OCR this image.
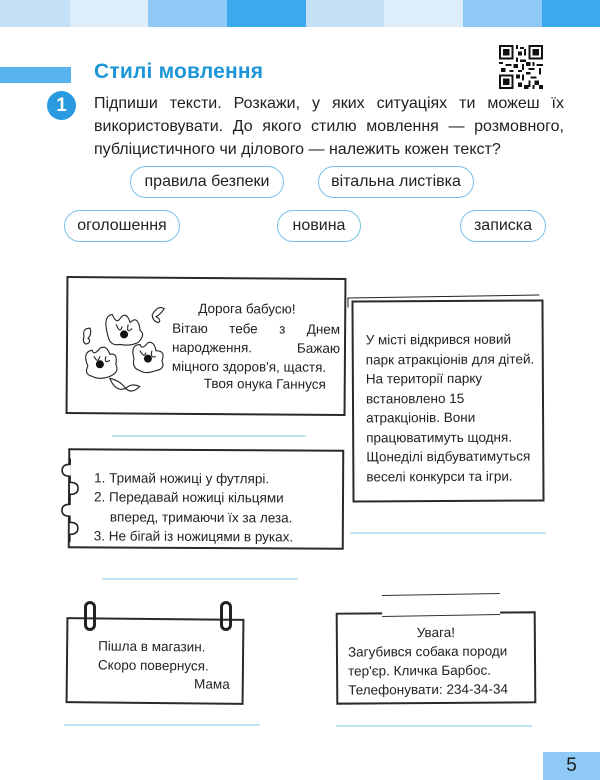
Стилі мовлення
1	Підпиши тексти. Розкажи, у яких ситуаціях ти можеш їх використовувати. До якого стилю мовлення — розмовного, публіцистичного чи ділового — належить кожен текст?
правила безпеки	вітальна листівка
оголошення	новина	записка
Дорога бабусю!
Вітаю тебе з Днем народження. Бажаю міцного здоров'я, щастя.
Твоя онука Ганнуся
У місті відкрився новий парк атракціонів для дітей. На території парку встановлено 15 атракціонів. Вони працюватимуть щодня. Щонеділі відбуватимуться веселі конкурси та ігри.
1. Тримай ножиці у футлярі.
2. Передавай ножиці кільцями вперед, тримаючи їх за леза.
3. Не бігай із ножицями в руках.
Пішла в магазин.
Скоро повернуся.
Мама
Увага!
Загубився собака породи
тер'єр. Кличка Барбос.
Телефонувати: 234-34-34
5
